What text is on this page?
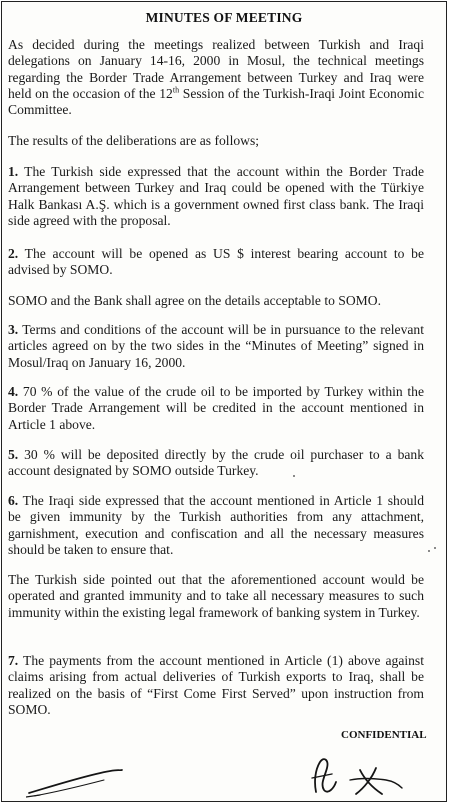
MINUTES OF MEETING

As decided during the meetings realized between Turkish and Iraqi delegations on January 14-16, 2000 in Mosul, the technical meetings regarding the Border Trade Arrangement between Turkey and Iraq were held on the occasion of the 12th Session of the Turkish-Iraqi Joint Economic Committee.

The results of the deliberations are as follows;

1. The Turkish side expressed that the account within the Border Trade Arrangement between Turkey and Iraq could be opened with the Türkiye Halk Bankası A.Ş. which is a government owned first class bank. The Iraqi side agreed with the proposal.

2. The account will be opened as US $ interest bearing account to be advised by SOMO.

SOMO and the Bank shall agree on the details acceptable to SOMO.

3. Terms and conditions of the account will be in pursuance to the relevant articles agreed on by the two sides in the “Minutes of Meeting” signed in Mosul/Iraq on January 16, 2000.

4. 70 % of the value of the crude oil to be imported by Turkey within the Border Trade Arrangement will be credited in the account mentioned in Article 1 above.

5. 30 % will be deposited directly by the crude oil purchaser to a bank account designated by SOMO outside Turkey.

6. The Iraqi side expressed that the account mentioned in Article 1 should be given immunity by the Turkish authorities from any attachment, garnishment, execution and confiscation and all the necessary measures should be taken to ensure that.

The Turkish side pointed out that the aforementioned account would be operated and granted immunity and to take all necessary measures to such immunity within the existing legal framework of banking system in Turkey.

7. The payments from the account mentioned in Article (1) above against claims arising from actual deliveries of Turkish exports to Iraq, shall be realized on the basis of “First Come First Served” upon instruction from SOMO.

CONFIDENTIAL
